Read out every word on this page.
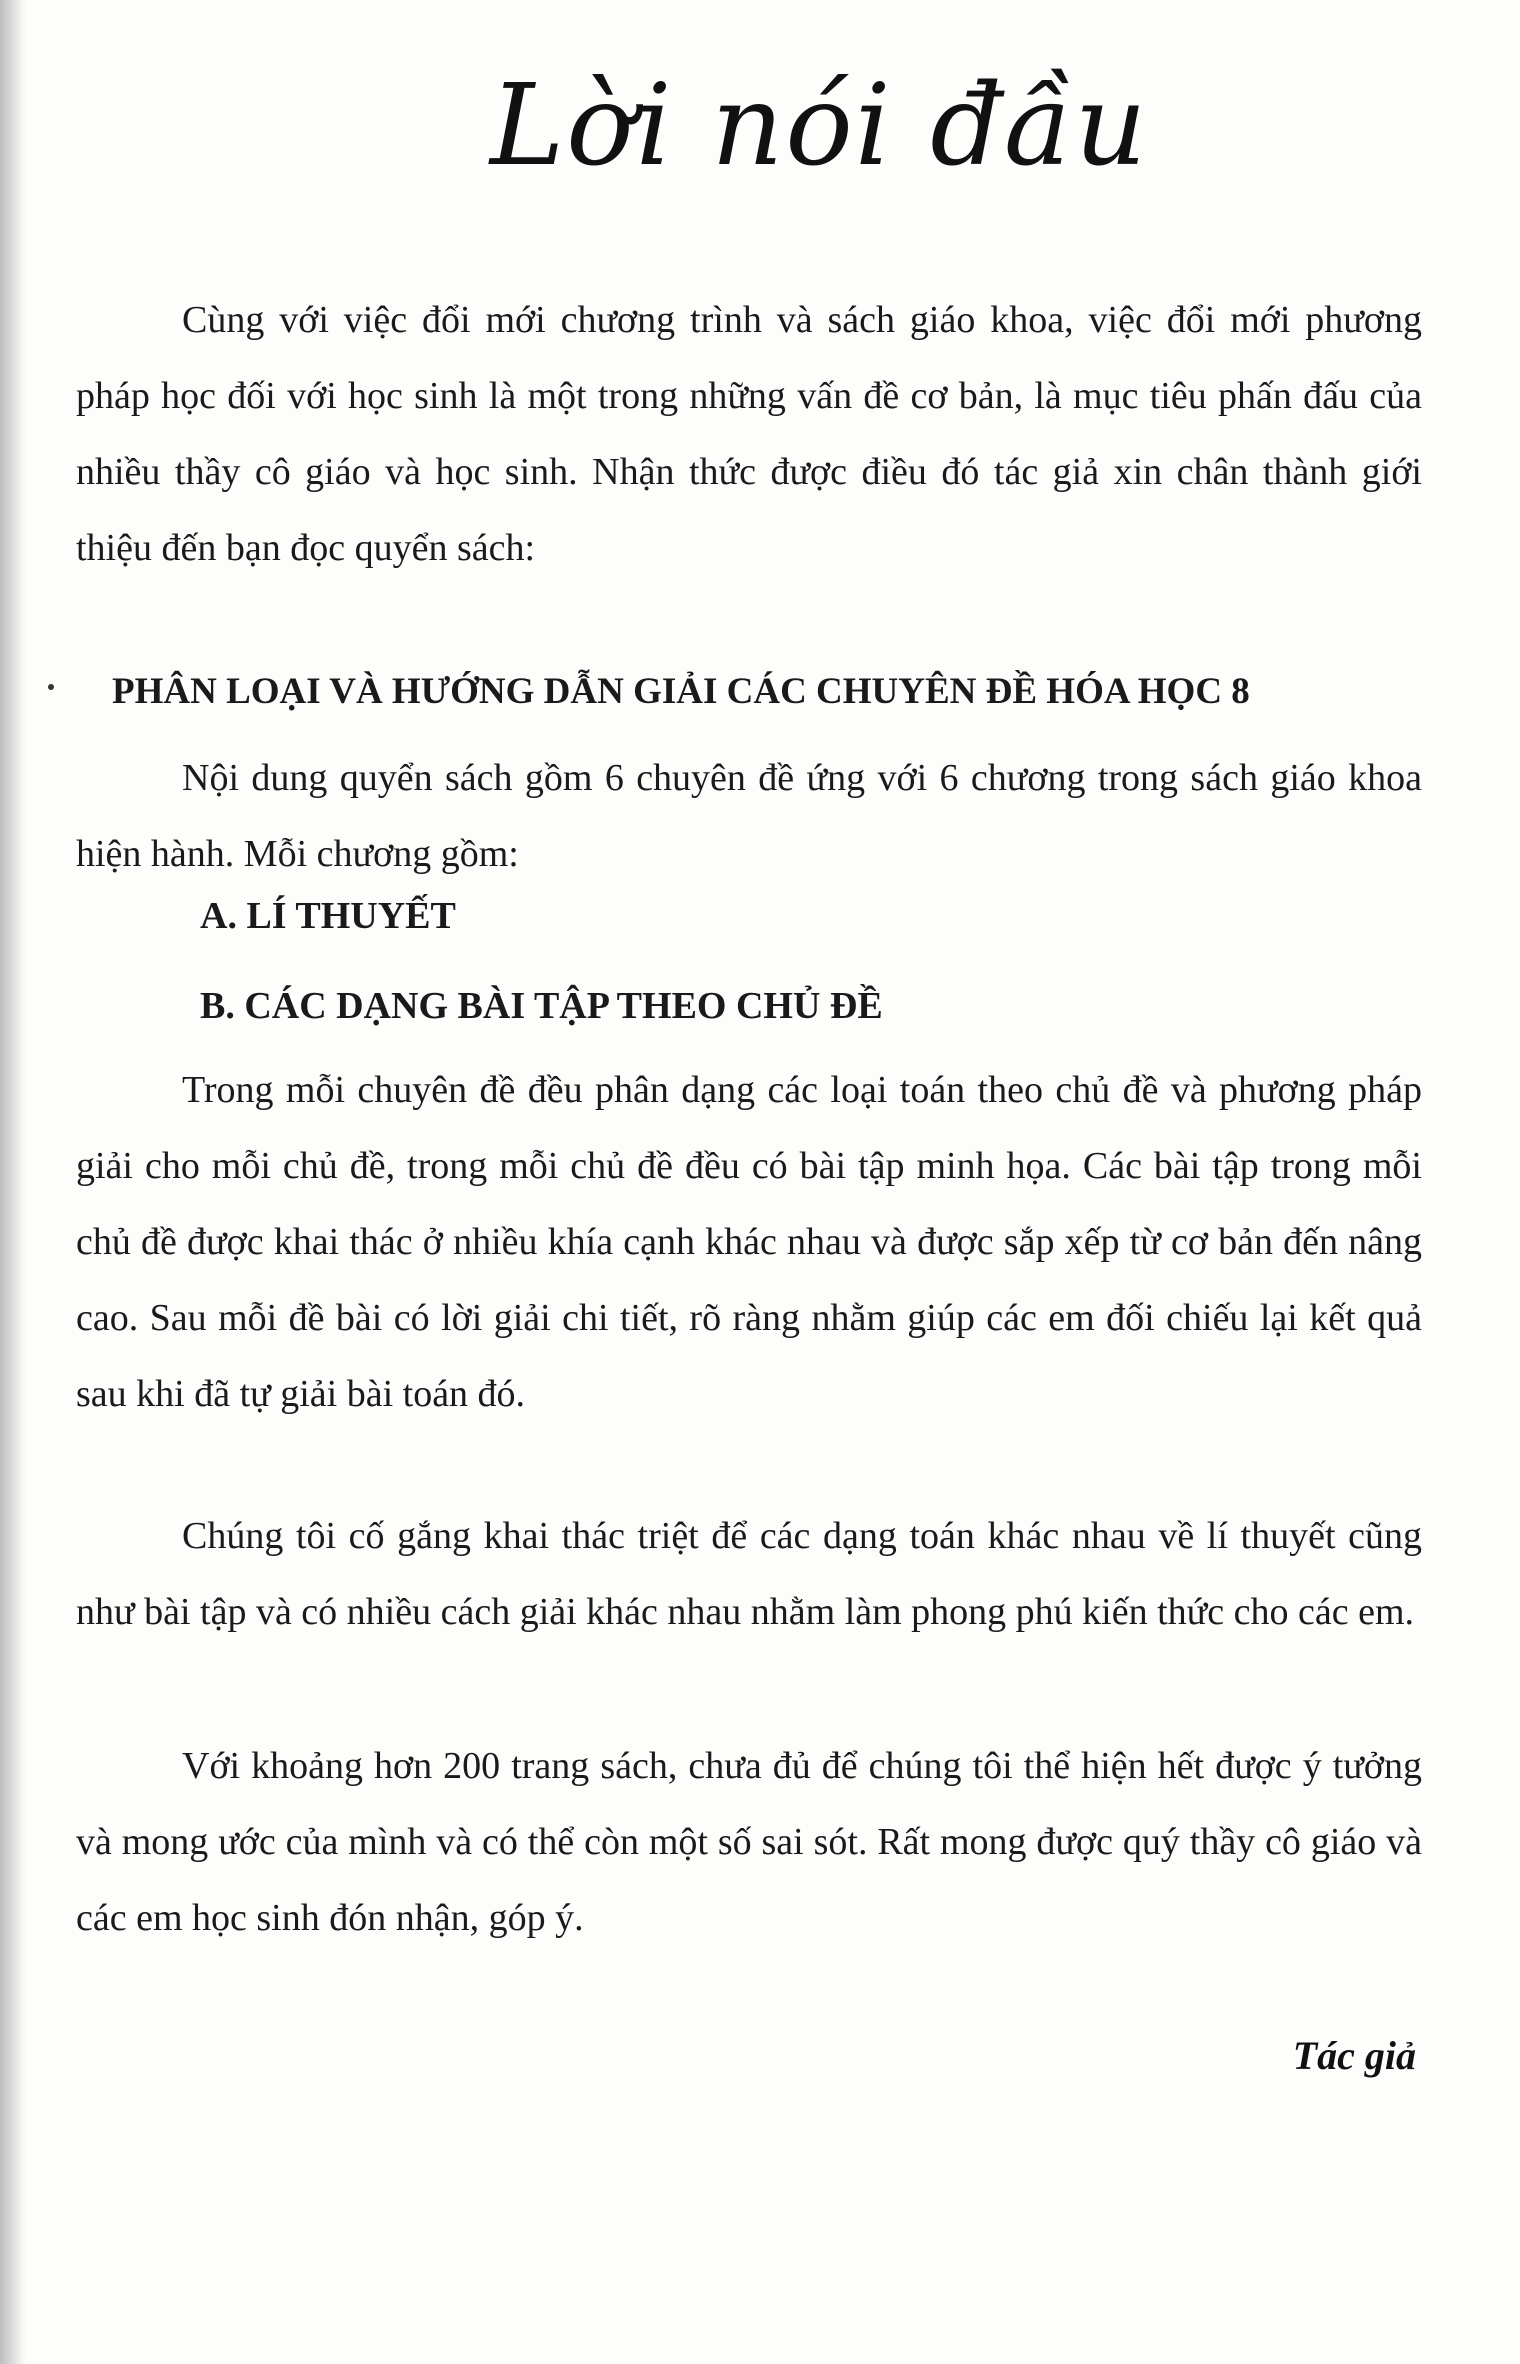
Lời nói đầu

Cùng với việc đổi mới chương trình và sách giáo khoa, việc đổi mới phương pháp học đối với học sinh là một trong những vấn đề cơ bản, là mục tiêu phấn đấu của nhiều thầy cô giáo và học sinh. Nhận thức được điều đó tác giả xin chân thành giới thiệu đến bạn đọc quyển sách:

PHÂN LOẠI VÀ HƯỚNG DẪN GIẢI CÁC CHUYÊN ĐỀ HÓA HỌC 8

Nội dung quyển sách gồm 6 chuyên đề ứng với 6 chương trong sách giáo khoa hiện hành. Mỗi chương gồm:

A. LÍ THUYẾT
B. CÁC DẠNG BÀI TẬP THEO CHỦ ĐỀ

Trong mỗi chuyên đề đều phân dạng các loại toán theo chủ đề và phương pháp giải cho mỗi chủ đề, trong mỗi chủ đề đều có bài tập minh họa. Các bài tập trong mỗi chủ đề được khai thác ở nhiều khía cạnh khác nhau và được sắp xếp từ cơ bản đến nâng cao. Sau mỗi đề bài có lời giải chi tiết, rõ ràng nhằm giúp các em đối chiếu lại kết quả sau khi đã tự giải bài toán đó.

Chúng tôi cố gắng khai thác triệt để các dạng toán khác nhau về lí thuyết cũng như bài tập và có nhiều cách giải khác nhau nhằm làm phong phú kiến thức cho các em.

Với khoảng hơn 200 trang sách, chưa đủ để chúng tôi thể hiện hết được ý tưởng và mong ước của mình và có thể còn một số sai sót. Rất mong được quý thầy cô giáo và các em học sinh đón nhận, góp ý.

Tác giả
